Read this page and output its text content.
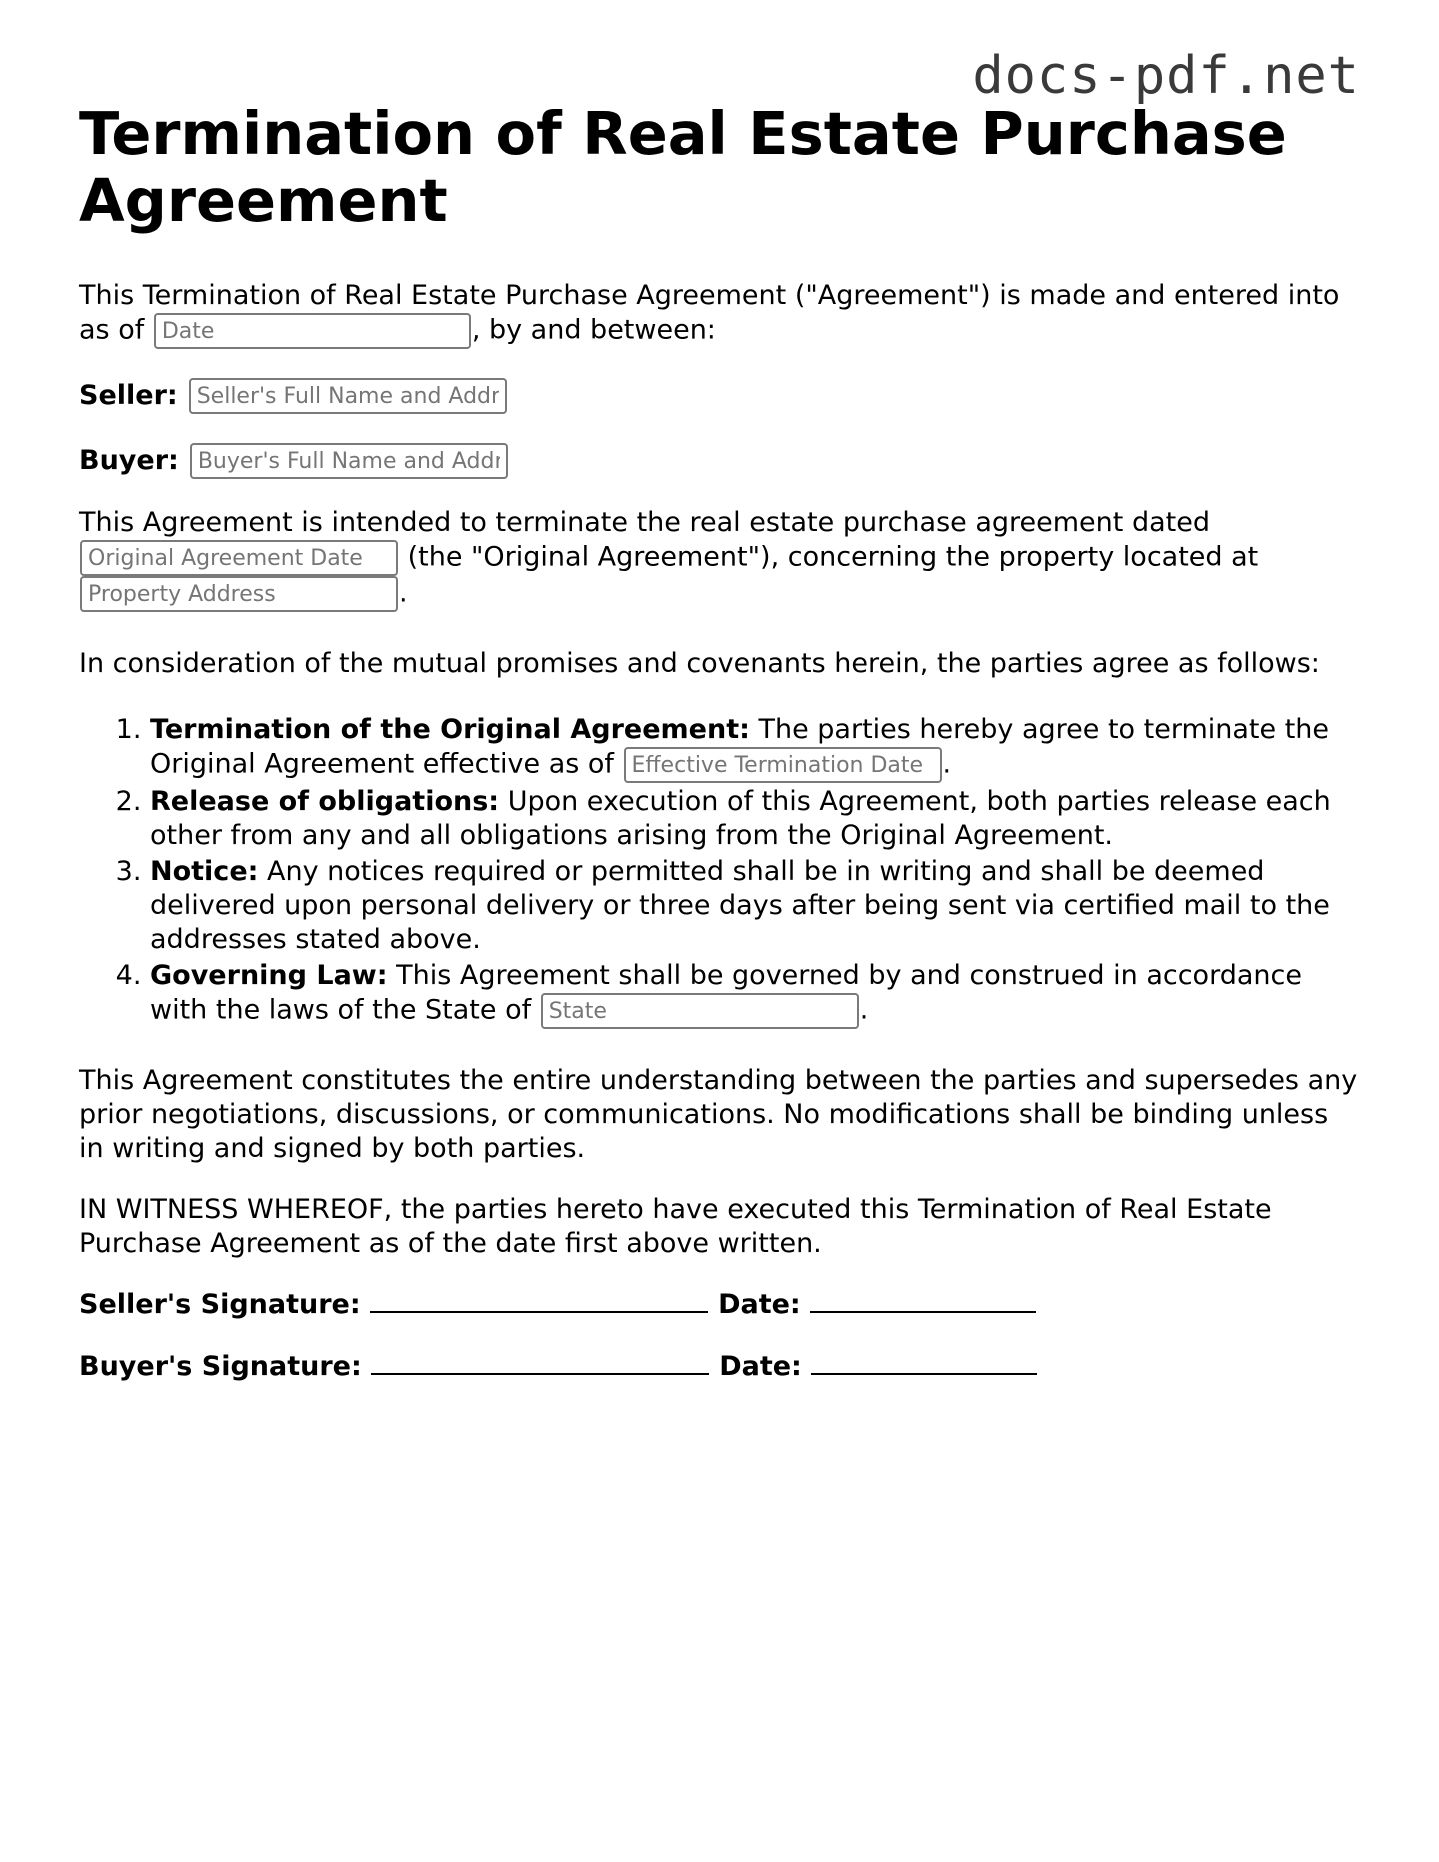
docs-pdf.net
Termination of Real Estate Purchase Agreement

This Termination of Real Estate Purchase Agreement ("Agreement") is made and entered into as of Date	, by and between:

Seller:

Seller's Full Name and Address

Buyer:

Buyer's Full Name and Address

This Agreement is intended to terminate the real estate purchase agreement dated Original Agreement Date (the "Original Agreement"), concerning the property located at Property Address.

In consideration of the mutual promises and covenants herein, the parties agree as follows:

1. Termination of the Original Agreement: The parties hereby agree to terminate the Original Agreement effective as of Effective Termination Date	.
2. Release of obligations: Upon execution of this Agreement, both parties release each other from any and all obligations arising from the Original Agreement.
3. Notice: Any notices required or permitted shall be in writing and shall be deemed delivered upon personal delivery or three days after being sent via certified mail to the addresses stated above.
4. Governing Law: This Agreement shall be governed by and construed in accordance with the laws of the State of State	.

This Agreement constitutes the entire understanding between the parties and supersedes any prior negotiations, discussions, or communications. No modifications shall be binding unless in writing and signed by both parties.

IN WITNESS WHEREOF, the parties hereto have executed this Termination of Real Estate Purchase Agreement as of the date first above written.

Seller's Signature:	Date:
Buyer's Signature:	Date:
